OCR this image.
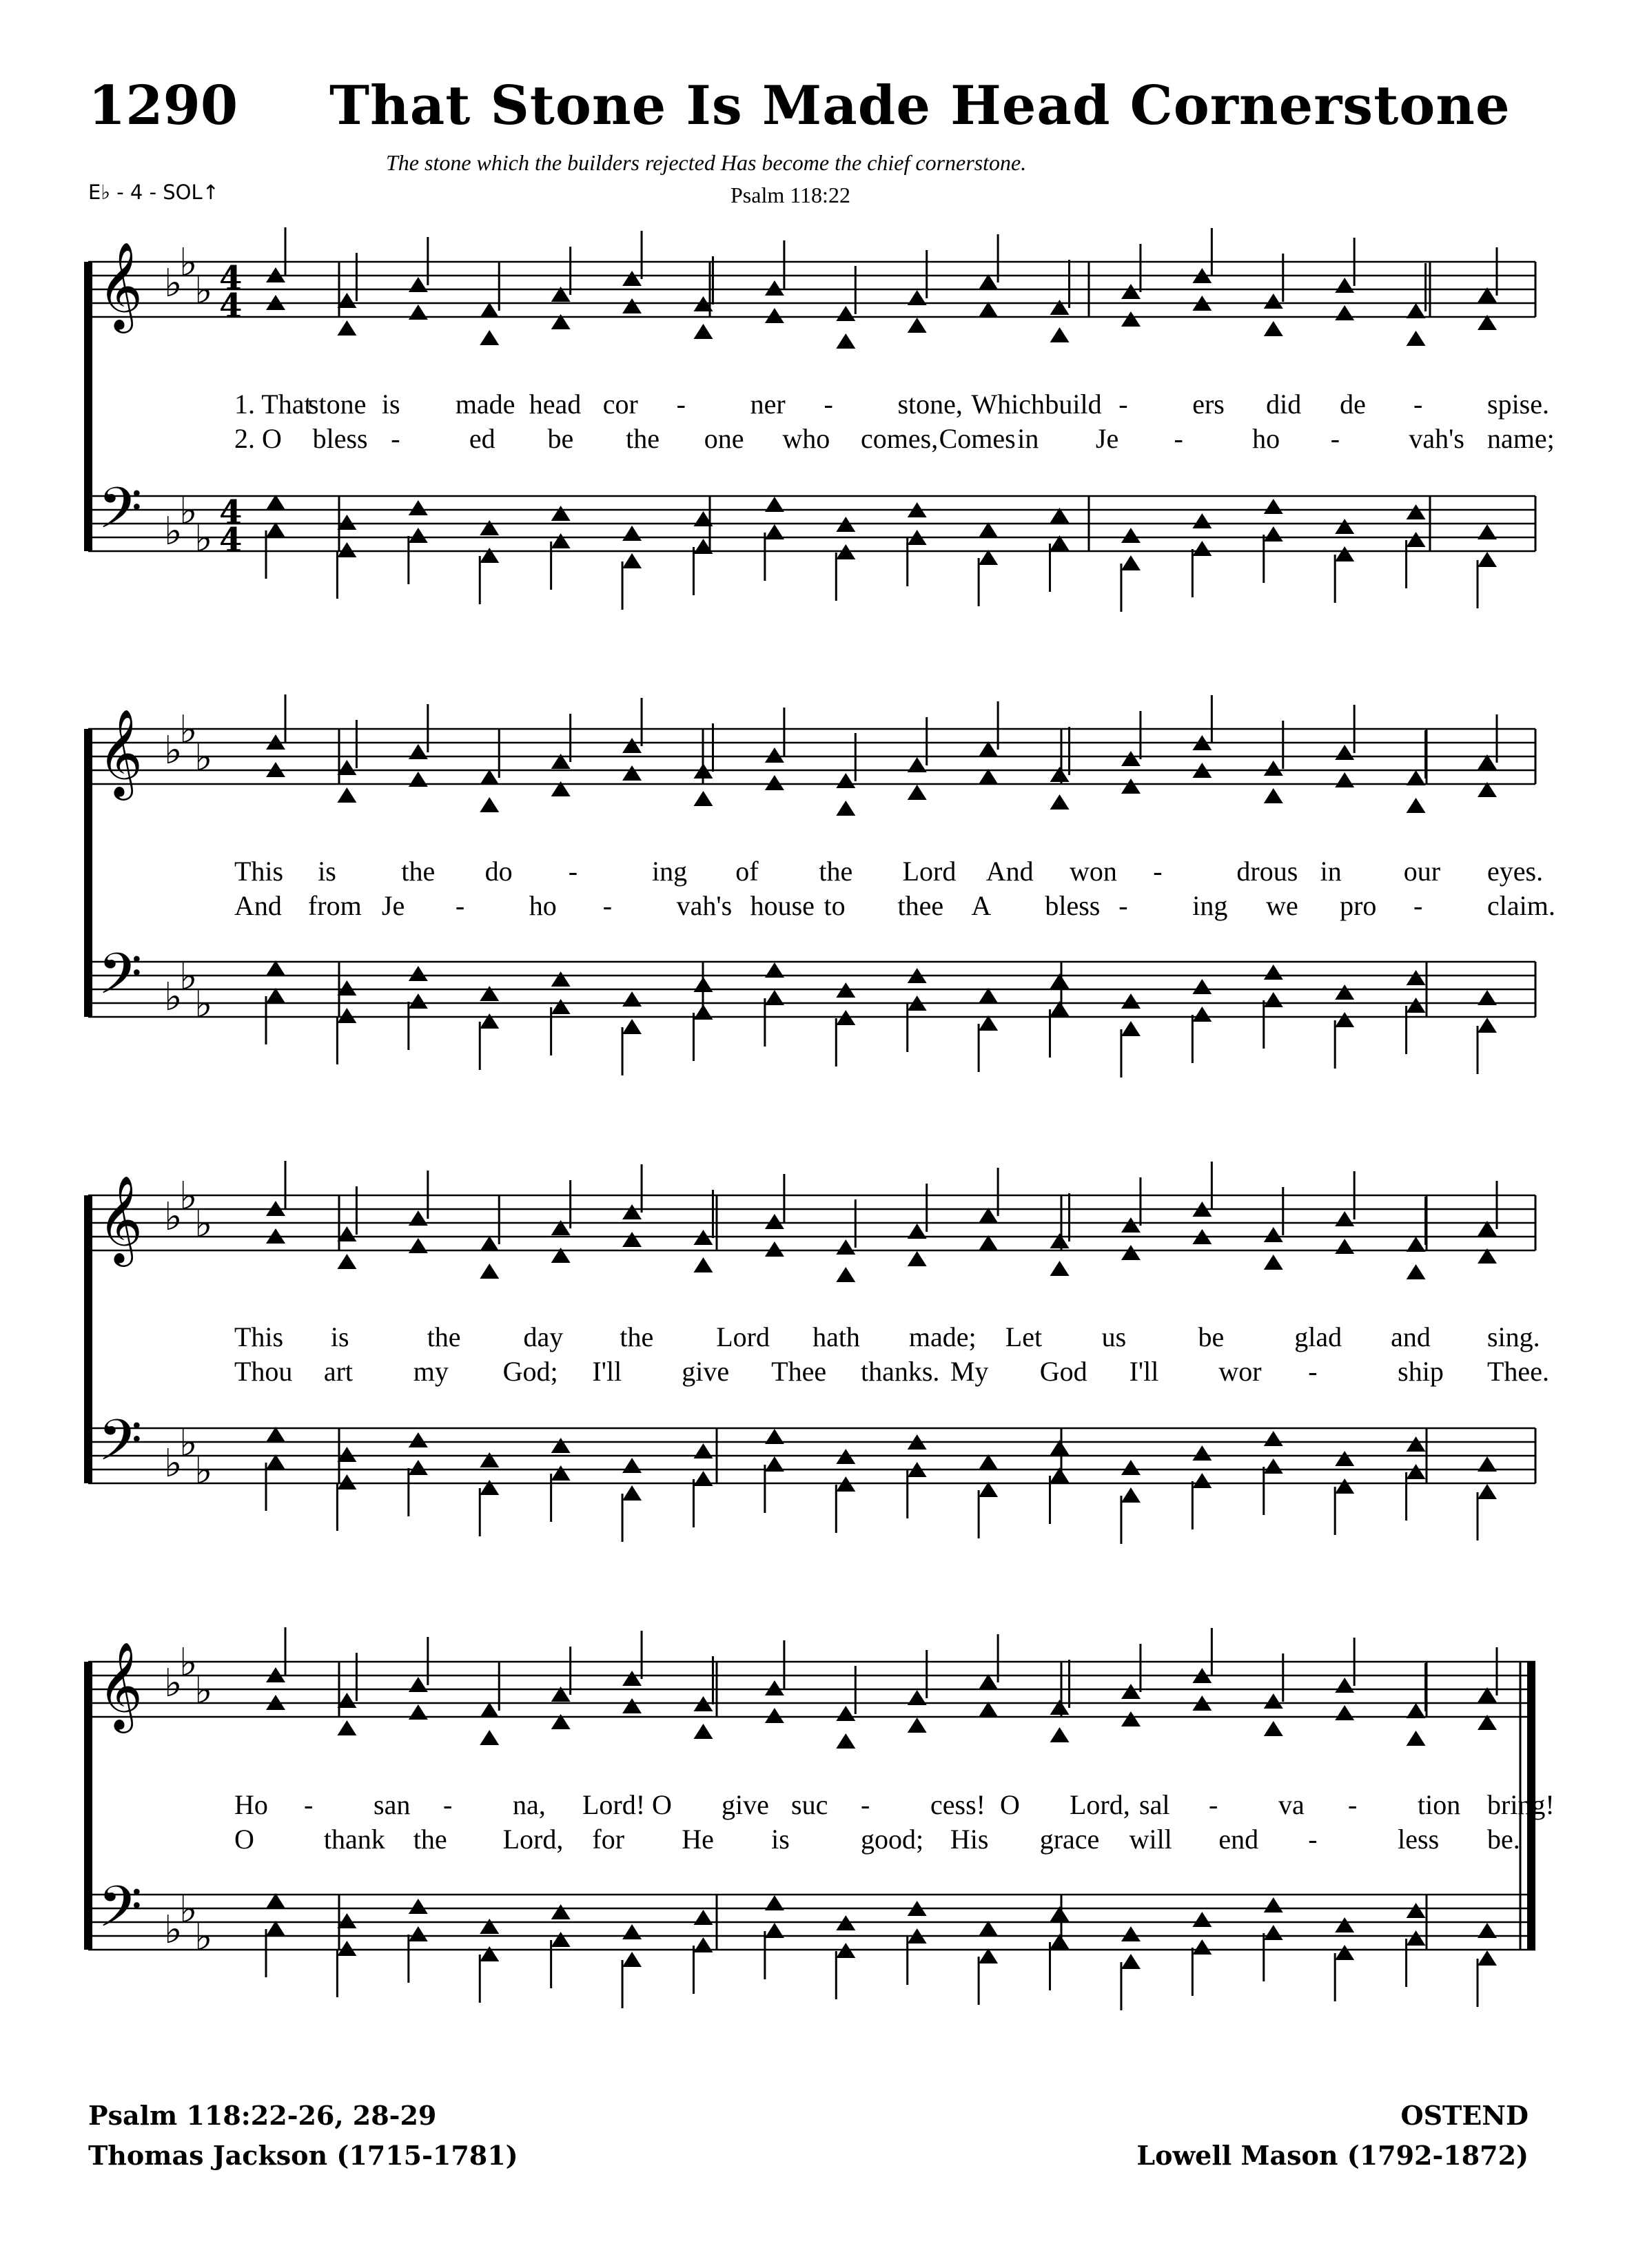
1290 That Stone Is Made Head Cornerstone
The stone which the builders rejected Has become the chief cornerstone.
Psalm 118:22
E♭ - 4 - SOL↑
𝄞
𝄢
♭
♭
♭
♭
♭
♭
4
4
4
4
1. Thatstone is made head cor - ner - stone, Whichbuild - ers did de - spise.
2. O bless -	ed be the one who comes,Comesin Je -	ho -	vah's name;
𝄞
𝄢
♭
♭
♭
♭
♭
♭
This is the do -	ing of the Lord And won -	drous in our eyes.
And from Je - ho - vah's house to thee A bless - ing we pro - claim.
𝄞
𝄢
♭
♭
♭
♭
♭
♭
This is	the day the Lord hath made; Let us	be	glad and sing.
Thou art my God; I'll give Thee thanks. My God I'll wor -	ship Thee.
𝄞
𝄢
♭
♭
♭
♭
♭
♭
Ho - san - na, Lord! O give suc - cess! O Lord, sal - va - tion bring!
O	thank the Lord, for He is	good; His grace will end -	less be.
Psalm 118:22-26, 28-29
Thomas Jackson (1715-1781)
OSTEND
Lowell Mason (1792-1872)
